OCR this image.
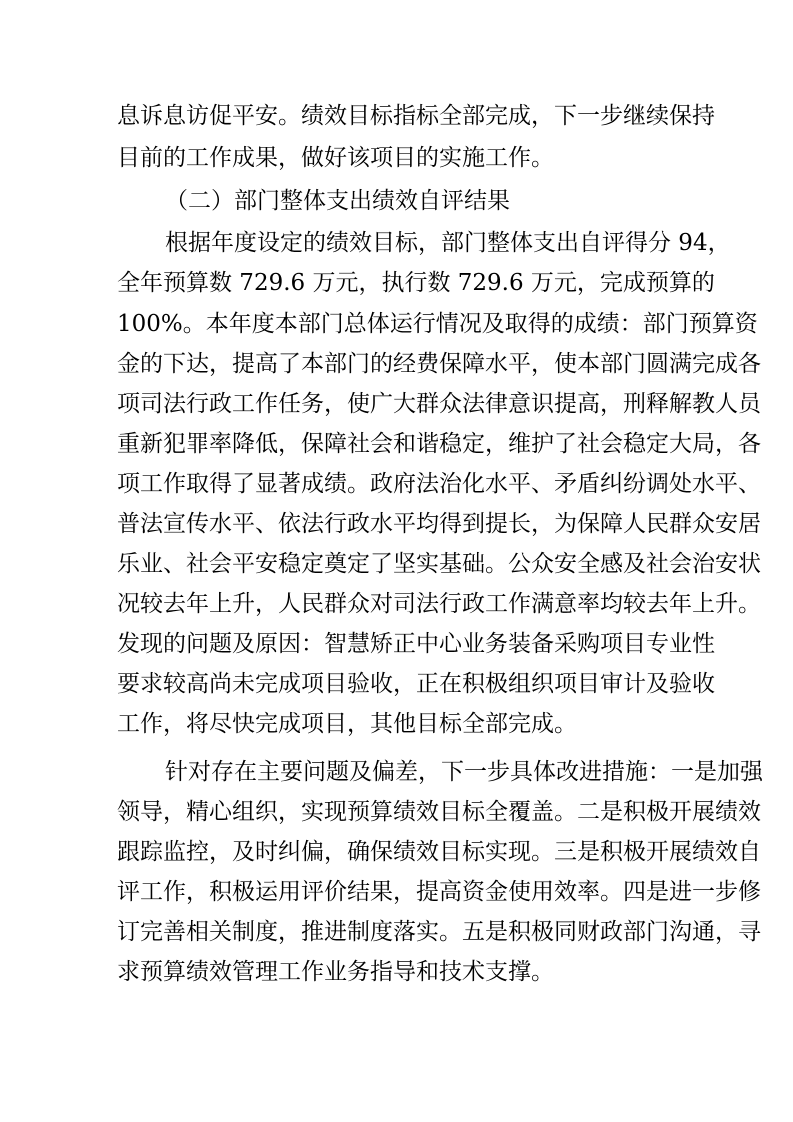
息诉息访促平安。绩效目标指标全部完成，下一步继续保持
目前的工作成果，做好该项目的实施工作。
（二）部门整体支出绩效自评结果
根据年度设定的绩效目标，部门整体支出自评得分 94，
全年预算数 729.6 万元，执行数 729.6 万元，完成预算的
100%。本年度本部门总体运行情况及取得的成绩：部门预算资
金的下达，提高了本部门的经费保障水平，使本部门圆满完成各
项司法行政工作任务，使广大群众法律意识提高，刑释解教人员
重新犯罪率降低，保障社会和谐稳定，维护了社会稳定大局，各
项工作取得了显著成绩。政府法治化水平、矛盾纠纷调处水平、
普法宣传水平、依法行政水平均得到提长，为保障人民群众安居
乐业、社会平安稳定奠定了坚实基础。公众安全感及社会治安状
况较去年上升，人民群众对司法行政工作满意率均较去年上升。
发现的问题及原因：智慧矫正中心业务装备采购项目专业性
要求较高尚未完成项目验收，正在积极组织项目审计及验收
工作，将尽快完成项目，其他目标全部完成。
针对存在主要问题及偏差，下一步具体改进措施：一是加强
领导，精心组织，实现预算绩效目标全覆盖。二是积极开展绩效
跟踪监控，及时纠偏，确保绩效目标实现。三是积极开展绩效自
评工作，积极运用评价结果，提高资金使用效率。四是进一步修
订完善相关制度，推进制度落实。五是积极同财政部门沟通，寻
求预算绩效管理工作业务指导和技术支撑。
